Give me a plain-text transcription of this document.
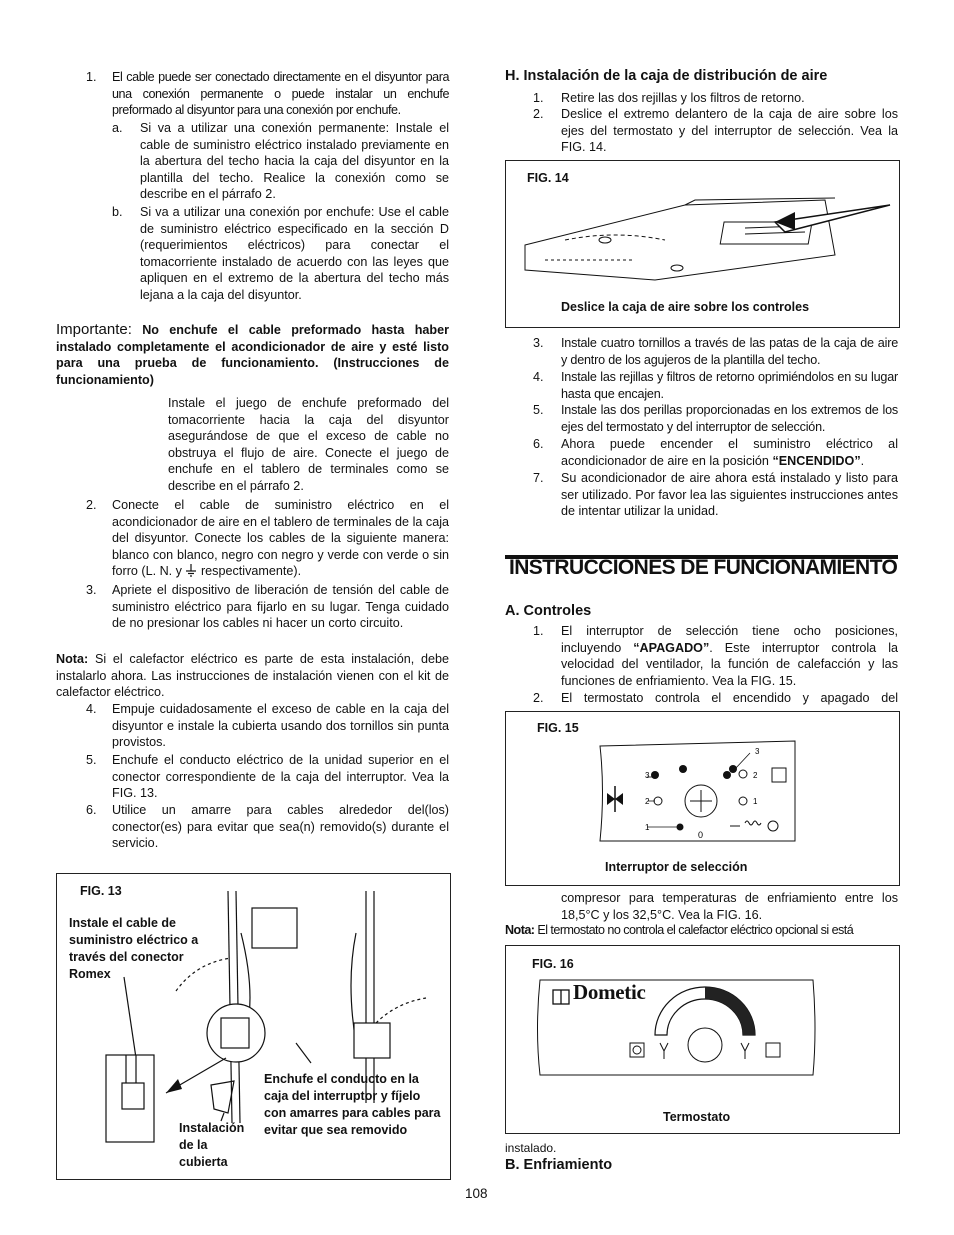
1. El cable puede ser conectado directamente en el disyuntor para una conexión permanente o puede instalar un enchufe preformado al disyuntor para una conexión por enchufe.

a. Si va a utilizar una conexión permanente: Instale el cable de suministro eléctrico instalado previamente en la abertura del techo hacia la caja del disyuntor en la plantilla del techo. Realice la conexión como se describe en el párrafo 2.

b. Si va a utilizar una conexión por enchufe: Use el cable de suministro eléctrico especificado en la sección D (requerimientos eléctricos) para conectar el tomacorriente instalado de acuerdo con las leyes que apliquen en el extremo de la abertura del techo más lejana a la caja del disyuntor.

Importante: No enchufe el cable preformado hasta haber instalado completamente el acondicionador de aire y esté listo para una prueba de funcionamiento. (Instrucciones de funcionamiento)

Instale el juego de enchufe preformado del tomacorriente hacia la caja del disyuntor asegurándose de que el exceso de cable no obstruya el flujo de aire. Conecte el juego de enchufe en el tablero de terminales como se describe en el párrafo 2.

2. Conecte el cable de suministro eléctrico en el acondicionador de aire en el tablero de terminales de la caja del disyuntor. Conecte los cables de la siguiente manera: blanco con blanco, negro con negro y verde con verde o sin forro (L. N. y respectivamente).

3. Apriete el dispositivo de liberación de tensión del cable de suministro eléctrico para fijarlo en su lugar. Tenga cuidado de no presionar los cables ni hacer un corto circuito.

Nota: Si el calefactor eléctrico es parte de esta instalación, debe instalarlo ahora. Las instrucciones de instalación vienen con el kit de calefactor eléctrico.

4. Empuje cuidadosamente el exceso de cable en la caja del disyuntor e instale la cubierta usando dos tornillos sin punta provistos.

5. Enchufe el conducto eléctrico de la unidad superior en el conector correspondiente de la caja del interruptor. Vea la FIG. 13.

6. Utilice un amarre para cables alrededor del(los) conector(es) para evitar que sea(n) removido(s) durante el servicio.

FIG. 13
Instale el cable de suministro eléctrico a través del conector Romex
Instalación de la cubierta
Enchufe el conducto en la caja del interruptor y fíjelo con amarres para cables para evitar que sea removido
H. Instalación de la caja de distribución de aire
1. Retire las dos rejillas y los filtros de retorno.

2. Deslice el extremo delantero de la caja de aire sobre los ejes del termostato y del interruptor de selección. Vea la FIG. 14.

FIG. 14
Deslice la caja de aire sobre los controles
3. Instale cuatro tornillos a través de las patas de la caja de aire y dentro de los agujeros de la plantilla del techo.

4. Instale las rejillas y filtros de retorno oprimiéndolos en su lugar hasta que encajen.

5. Instale las dos perillas proporcionadas en los extremos de los ejes del termostato y del interruptor de selección.

6. Ahora puede encender el suministro eléctrico al acondicionador de aire en la posición “ENCENDIDO”.

7. Su acondicionador de aire ahora está instalado y listo para ser utilizado. Por favor lea las siguientes instrucciones antes de intentar utilizar la unidad.

INSTRUCCIONES DE FUNCIONAMIENTO
A. Controles
1. El interruptor de selección tiene ocho posiciones, incluyendo “APAGADO”. Este interruptor controla la velocidad del ventilador, la función de calefacción y las funciones de enfriamiento. Vea la FIG. 15.

2. El termostato controla el encendido y apagado del

FIG. 15
3
3
2
1
2
1
0
Interruptor de selección

compresor para temperaturas de enfriamiento entre los 18,5°C y los 32,5°C. Vea la FIG. 16.

Nota: El termostato no controla el calefactor eléctrico opcional si está

FIG. 16
Dometic
Termostato

instalado.

B. Enfriamiento
108
